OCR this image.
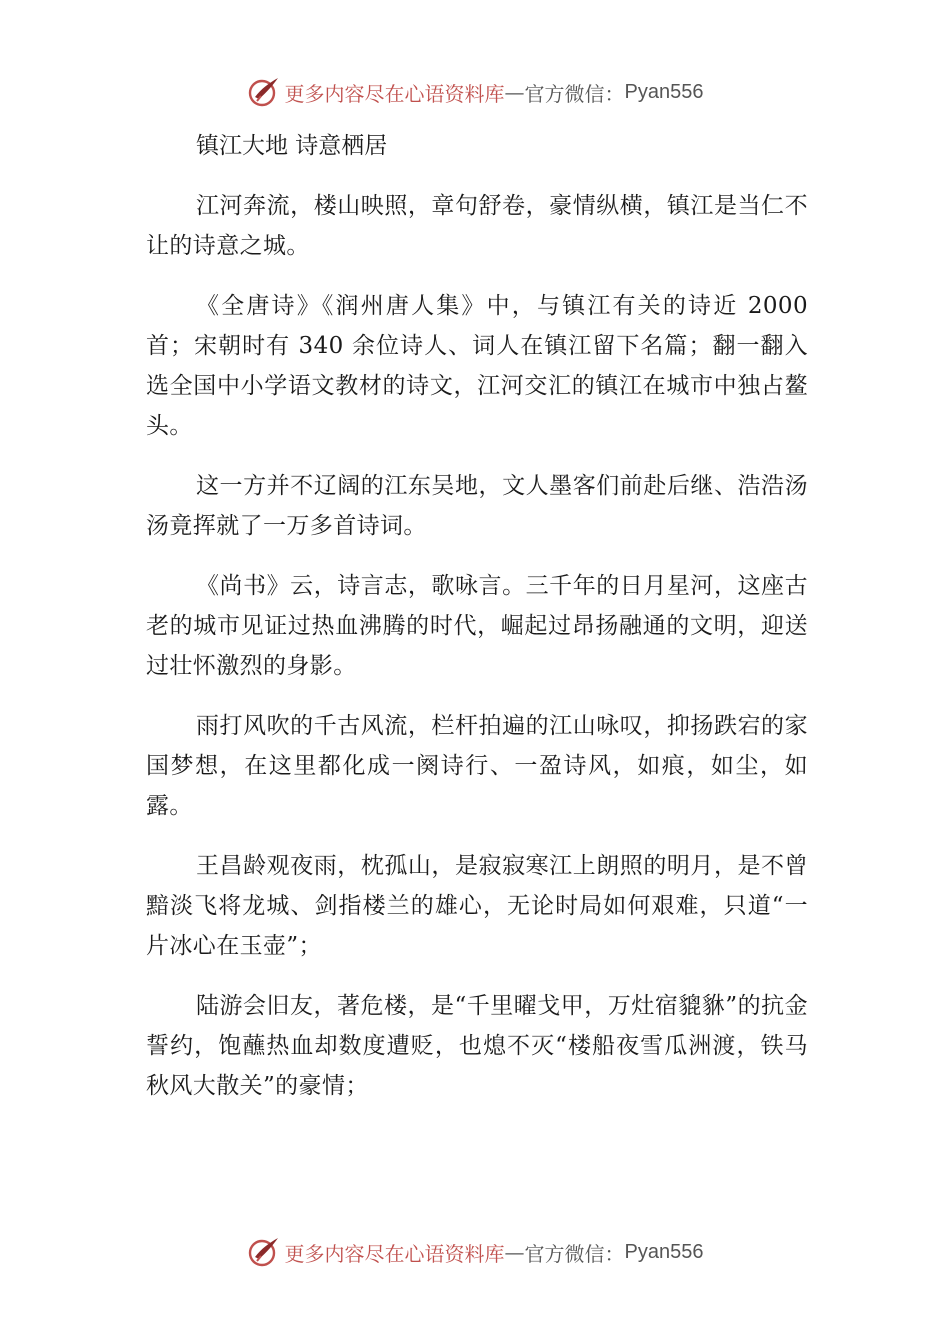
更多内容尽在心语资料库 — 官方微信： Pyan556
镇江大地 诗意栖居

江河奔流，楼山映照，章句舒卷，豪情纵横，镇江是当仁不让的诗意之城。

《全唐诗》《润州唐人集》中，与镇江有关的诗近 2000 首；宋朝时有 340 余位诗人、词人在镇江留下名篇；翻一翻入选全国中小学语文教材的诗文，江河交汇的镇江在城市中独占鳌头。

这一方并不辽阔的江东吴地，文人墨客们前赴后继、浩浩汤汤竟挥就了一万多首诗词。

《尚书》云，诗言志，歌咏言。三千年的日月星河，这座古老的城市见证过热血沸腾的时代，崛起过昂扬融通的文明，迎送过壮怀激烈的身影。

雨打风吹的千古风流，栏杆拍遍的江山咏叹，抑扬跌宕的家国梦想，在这里都化成一阕诗行、一盈诗风，如痕，如尘，如露。

王昌龄观夜雨，枕孤山，是寂寂寒江上朗照的明月，是不曾黯淡飞将龙城、剑指楼兰的雄心，无论时局如何艰难，只道“一片冰心在玉壶”；

陆游会旧友，著危楼，是“千里曜戈甲，万灶宿貔貅”的抗金誓约，饱蘸热血却数度遭贬，也熄不灭“楼船夜雪瓜洲渡，铁马秋风大散关”的豪情；

更多内容尽在心语资料库 — 官方微信： Pyan556
